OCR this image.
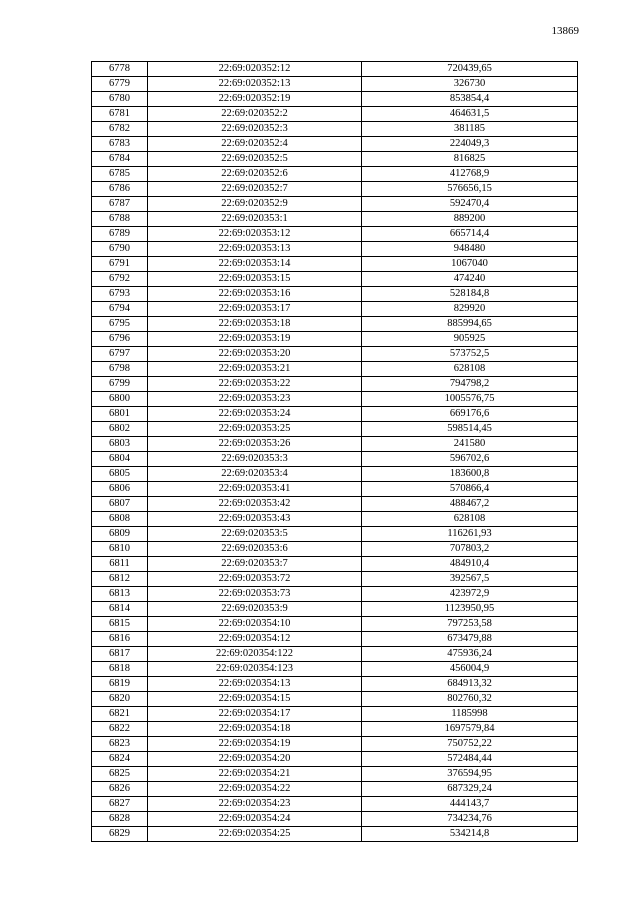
13869
6778	22:69:020352:12	720439,65
6779	22:69:020352:13	326730
6780	22:69:020352:19	853854,4
6781	22:69:020352:2	464631,5
6782	22:69:020352:3	381185
6783	22:69:020352:4	224049,3
6784	22:69:020352:5	816825
6785	22:69:020352:6	412768,9
6786	22:69:020352:7	576656,15
6787	22:69:020352:9	592470,4
6788	22:69:020353:1	889200
6789	22:69:020353:12	665714,4
6790	22:69:020353:13	948480
6791	22:69:020353:14	1067040
6792	22:69:020353:15	474240
6793	22:69:020353:16	528184,8
6794	22:69:020353:17	829920
6795	22:69:020353:18	885994,65
6796	22:69:020353:19	905925
6797	22:69:020353:20	573752,5
6798	22:69:020353:21	628108
6799	22:69:020353:22	794798,2
6800	22:69:020353:23	1005576,75
6801	22:69:020353:24	669176,6
6802	22:69:020353:25	598514,45
6803	22:69:020353:26	241580
6804	22:69:020353:3	596702,6
6805	22:69:020353:4	183600,8
6806	22:69:020353:41	570866,4
6807	22:69:020353:42	488467,2
6808	22:69:020353:43	628108
6809	22:69:020353:5	116261,93
6810	22:69:020353:6	707803,2
6811	22:69:020353:7	484910,4
6812	22:69:020353:72	392567,5
6813	22:69:020353:73	423972,9
6814	22:69:020353:9	1123950,95
6815	22:69:020354:10	797253,58
6816	22:69:020354:12	673479,88
6817	22:69:020354:122	475936,24
6818	22:69:020354:123	456004,9
6819	22:69:020354:13	684913,32
6820	22:69:020354:15	802760,32
6821	22:69:020354:17	1185998
6822	22:69:020354:18	1697579,84
6823	22:69:020354:19	750752,22
6824	22:69:020354:20	572484,44
6825	22:69:020354:21	376594,95
6826	22:69:020354:22	687329,24
6827	22:69:020354:23	444143,7
6828	22:69:020354:24	734234,76
6829	22:69:020354:25	534214,8
